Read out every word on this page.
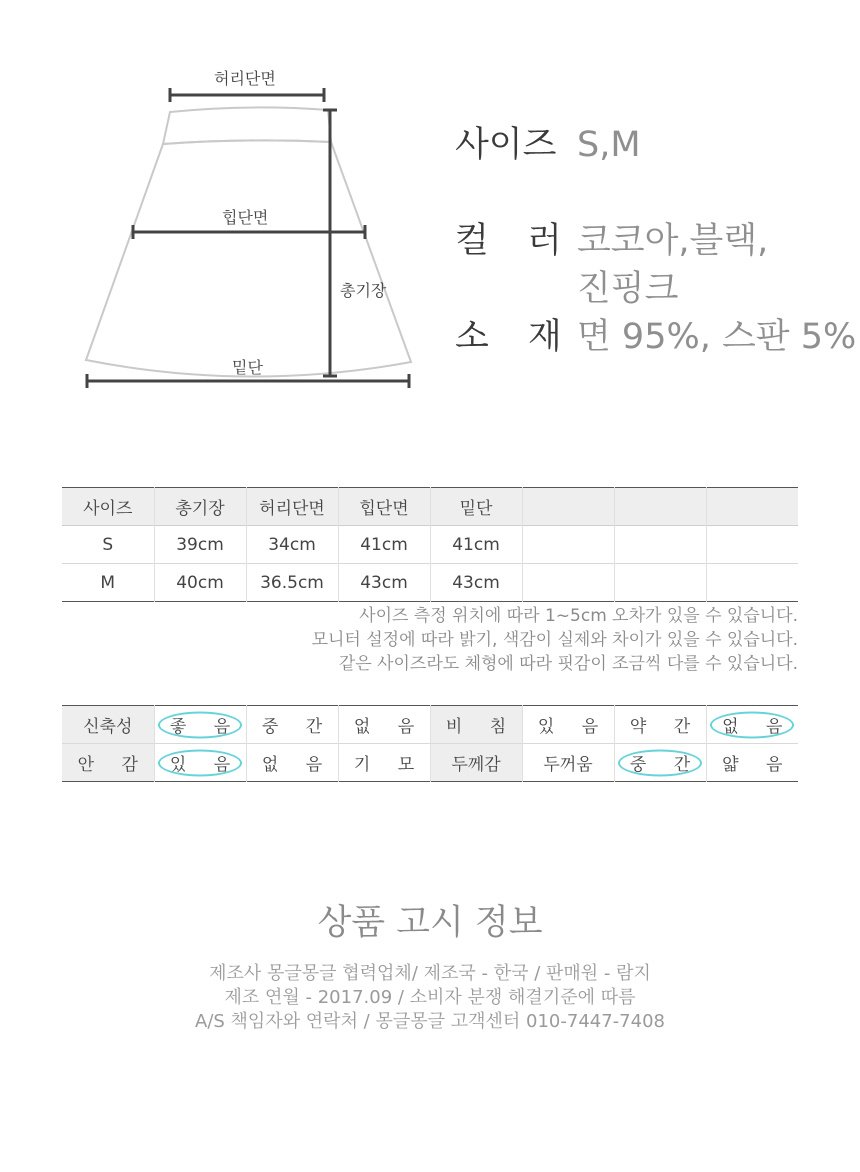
허리단면
힙단면
총기장
밑단
사이즈 S,M
컬 러 코코아,블랙,
진핑크
소 재 면 95%, 스판 5%
사이즈	총기장	허리단면	힙단면	밑단			
S	39cm	34cm	41cm	41cm			
M	40cm	36.5cm	43cm	43cm			
사이즈 측정 위치에 따라 1~5cm 오차가 있을 수 있습니다.
모니터 설정에 따라 밝기, 색감이 실제와 차이가 있을 수 있습니다.
같은 사이즈라도 체형에 따라 핏감이 조금씩 다를 수 있습니다.
신축성	좋 음	중 간	없 음	비 침	있 음	약 간	없 음

안 감	있 음	없 음	기 모	두께감	두꺼움	중 간	얇 음
상품 고시 정보
제조사 몽글몽글 협력업체/ 제조국 - 한국 / 판매원 - 람지
제조 연월 - 2017.09 / 소비자 분쟁 해결기준에 따름
A/S 책임자와 연락처 / 몽글몽글 고객센터 010-7447-7408
